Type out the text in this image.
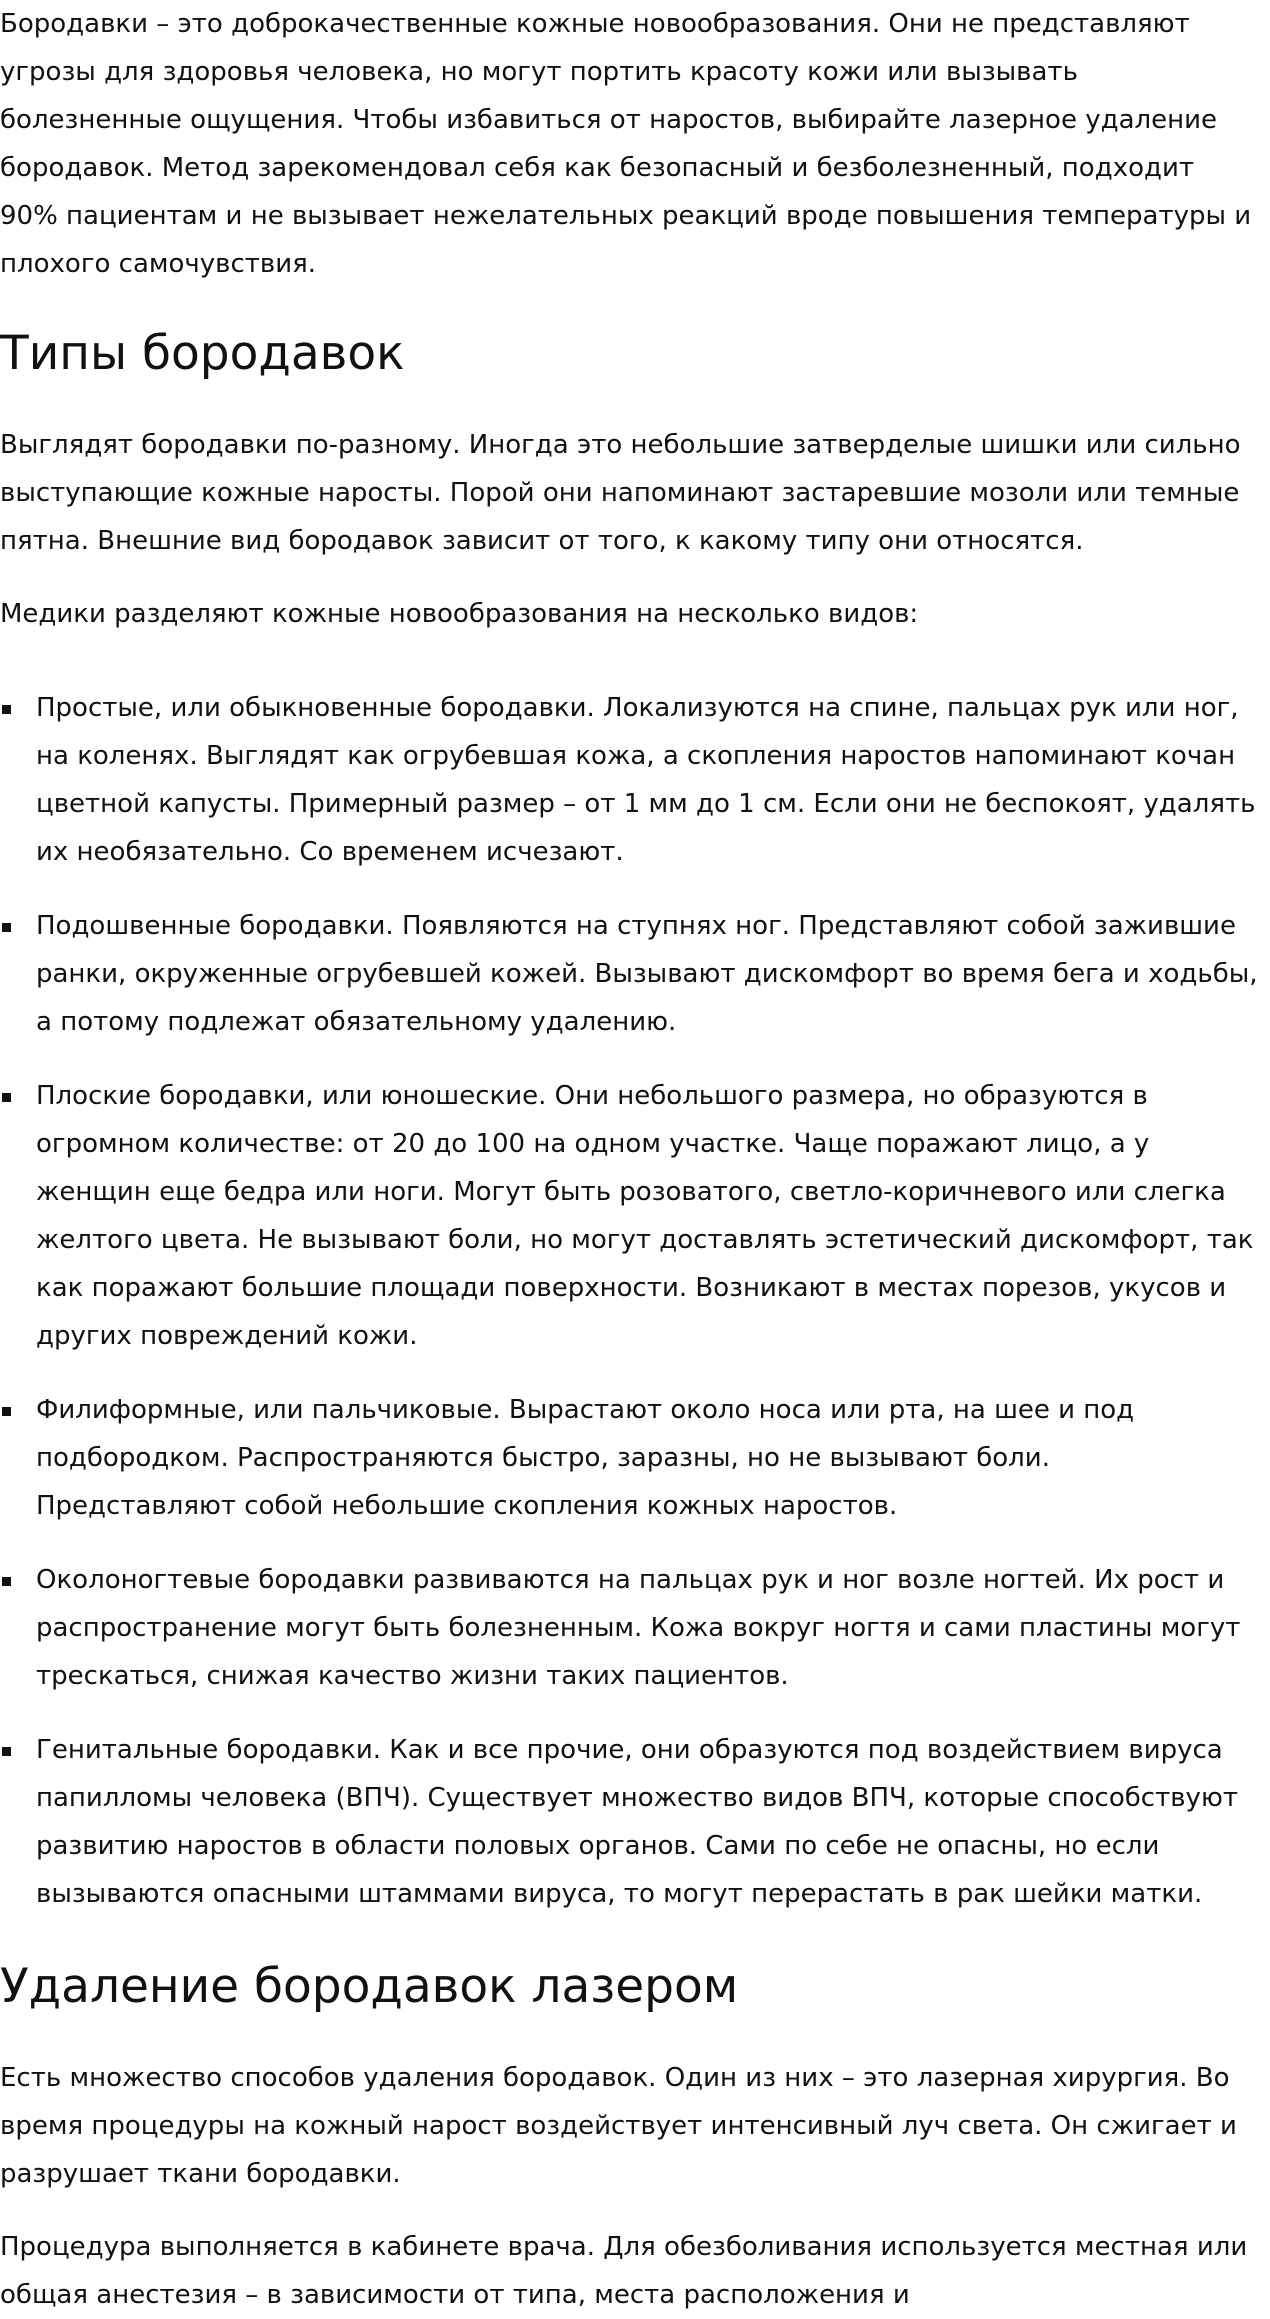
Бородавки – это доброкачественные кожные новообразования. Они не представляют угрозы для здоровья человека, но могут портить красоту кожи или вызывать болезненные ощущения. Чтобы избавиться от наростов, выбирайте лазерное удаление бородавок. Метод зарекомендовал себя как безопасный и безболезненный, подходит 90% пациентам и не вызывает нежелательных реакций вроде повышения температуры и плохого самочувствия.

Типы бородавок

Выглядят бородавки по-разному. Иногда это небольшие затверделые шишки или сильно выступающие кожные наросты. Порой они напоминают застаревшие мозоли или темные пятна. Внешние вид бородавок зависит от того, к какому типу они относятся.

Медики разделяют кожные новообразования на несколько видов:

Простые, или обыкновенные бородавки. Локализуются на спине, пальцах рук или ног, на коленях. Выглядят как огрубевшая кожа, а скопления наростов напоминают кочан цветной капусты. Примерный размер – от 1 мм до 1 см. Если они не беспокоят, удалять их необязательно. Со временем исчезают.
Подошвенные бородавки. Появляются на ступнях ног. Представляют собой зажившие ранки, окруженные огрубевшей кожей. Вызывают дискомфорт во время бега и ходьбы, а потому подлежат обязательному удалению.
Плоские бородавки, или юношеские. Они небольшого размера, но образуются в огромном количестве: от 20 до 100 на одном участке. Чаще поражают лицо, а у женщин еще бедра или ноги. Могут быть розоватого, светло-коричневого или слегка желтого цвета. Не вызывают боли, но могут доставлять эстетический дискомфорт, так как поражают большие площади поверхности. Возникают в местах порезов, укусов и других повреждений кожи.
Филиформные, или пальчиковые. Вырастают около носа или рта, на шее и под подбородком. Распространяются быстро, заразны, но не вызывают боли. Представляют собой небольшие скопления кожных наростов.
Околоногтевые бородавки развиваются на пальцах рук и ног возле ногтей. Их рост и распространение могут быть болезненным. Кожа вокруг ногтя и сами пластины могут трескаться, снижая качество жизни таких пациентов.
Генитальные бородавки. Как и все прочие, они образуются под воздействием вируса папилломы человека (ВПЧ). Существует множество видов ВПЧ, которые способствуют развитию наростов в области половых органов. Сами по себе не опасны, но если вызываются опасными штаммами вируса, то могут перерастать в рак шейки матки.
Удаление бородавок лазером

Есть множество способов удаления бородавок. Один из них – это лазерная хирургия. Во время процедуры на кожный нарост воздействует интенсивный луч света. Он сжигает и разрушает ткани бородавки.

Процедура выполняется в кабинете врача. Для обезболивания используется местная или общая анестезия – в зависимости от типа, места расположения и
